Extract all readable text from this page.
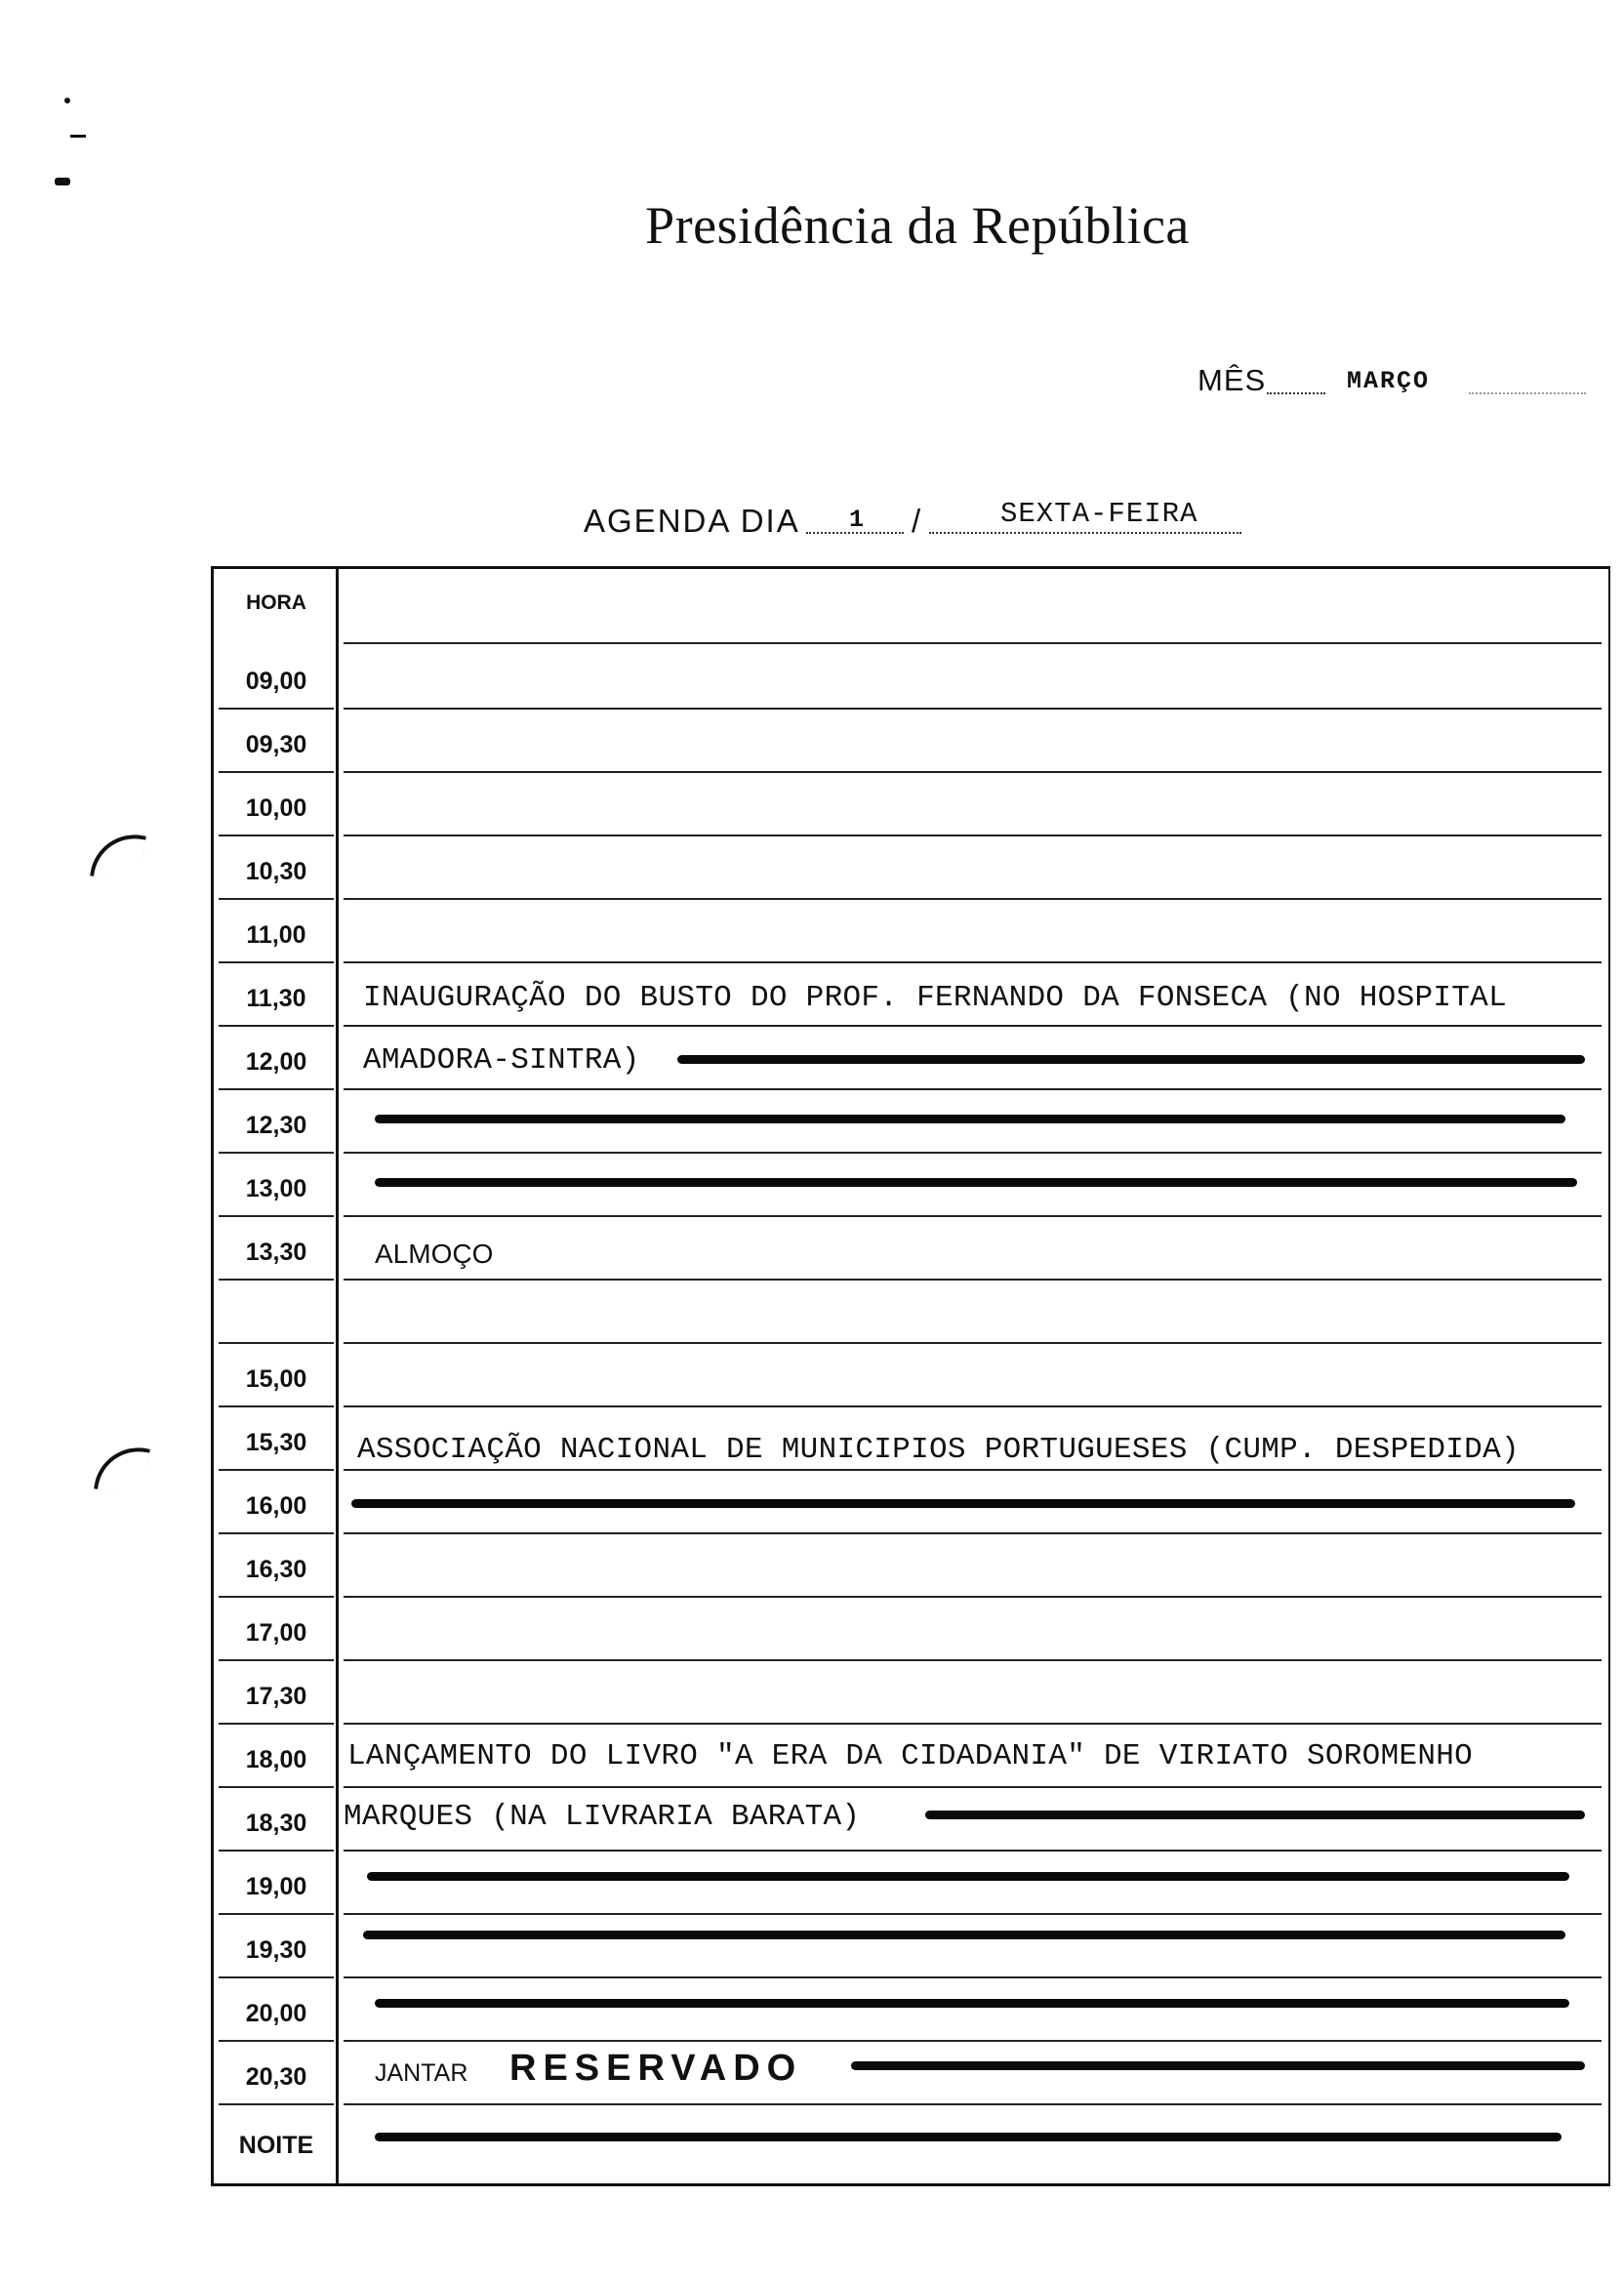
Presidência da República
MÊS	MARÇO
AGENDA DIA 1 /	SEXTA-FEIRA
HORA
09,00
09,30
10,00
10,30
11,00
11,30
12,00
12,30
13,00
13,30
15,00
15,30
16,00
16,30
17,00
17,30
18,00
18,30
19,00
19,30
20,00
20,30
NOITE
INAUGURAÇÃO DO BUSTO DO PROF. FERNANDO DA FONSECA (NO HOSPITAL
AMADORA-SINTRA)
ALMOÇO
ASSOCIAÇÃO NACIONAL DE MUNICIPIOS PORTUGUESES (CUMP. DESPEDIDA)
LANÇAMENTO DO LIVRO "A ERA DA CIDADANIA" DE VIRIATO SOROMENHO
MARQUES (NA LIVRARIA BARATA)
JANTAR RESERVADO
